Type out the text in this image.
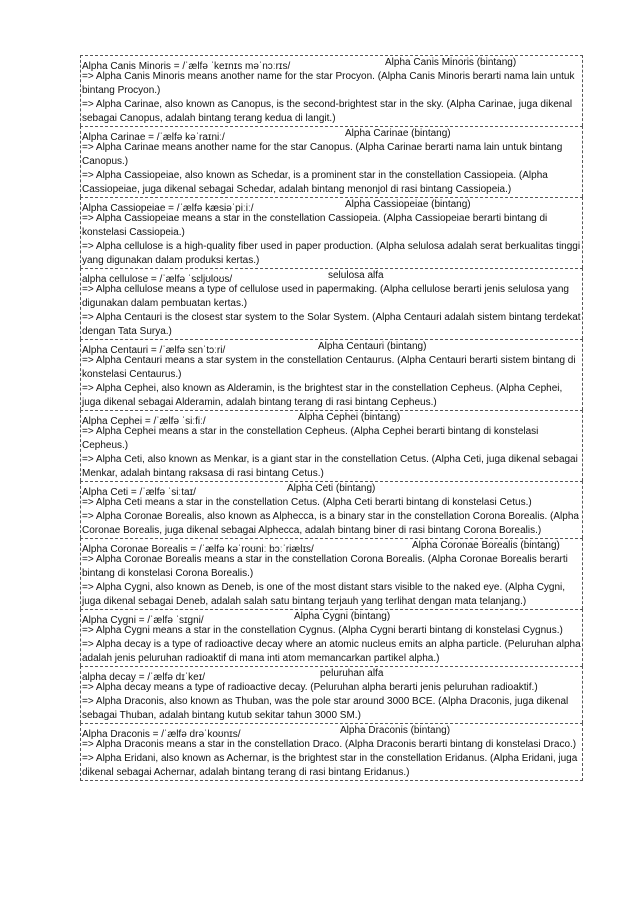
Alpha Canis Minoris = /ˈælfə ˈkeɪnɪs məˈnɔːrɪs/	Alpha Canis Minoris (bintang)
=> Alpha Canis Minoris means another name for the star Procyon. (Alpha Canis Minoris berarti nama lain untuk bintang Procyon.)
=> Alpha Carinae, also known as Canopus, is the second-brightest star in the sky. (Alpha Carinae, juga dikenal sebagai Canopus, adalah bintang terang kedua di langit.)
Alpha Carinae = /ˈælfə kəˈraɪniː/	Alpha Carinae (bintang)
=> Alpha Carinae means another name for the star Canopus. (Alpha Carinae berarti nama lain untuk bintang Canopus.)
=> Alpha Cassiopeiae, also known as Schedar, is a prominent star in the constellation Cassiopeia. (Alpha Cassiopeiae, juga dikenal sebagai Schedar, adalah bintang menonjol di rasi bintang Cassiopeia.)
Alpha Cassiopeiae = /ˈælfə kæsiəˈpiːiː/	Alpha Cassiopeiae (bintang)
=> Alpha Cassiopeiae means a star in the constellation Cassiopeia. (Alpha Cassiopeiae berarti bintang di konstelasi Cassiopeia.)
=> Alpha cellulose is a high-quality fiber used in paper production. (Alpha selulosa adalah serat berkualitas tinggi yang digunakan dalam produksi kertas.)
alpha cellulose = /ˈælfə ˈsɛljʊloʊs/	selulosa alfa
=> Alpha cellulose means a type of cellulose used in papermaking. (Alpha cellulose berarti jenis selulosa yang digunakan dalam pembuatan kertas.)
=> Alpha Centauri is the closest star system to the Solar System. (Alpha Centauri adalah sistem bintang terdekat dengan Tata Surya.)
Alpha Centauri = /ˈælfə sɛnˈtɔːri/	Alpha Centauri (bintang)
=> Alpha Centauri means a star system in the constellation Centaurus. (Alpha Centauri berarti sistem bintang di konstelasi Centaurus.)
=> Alpha Cephei, also known as Alderamin, is the brightest star in the constellation Cepheus. (Alpha Cephei, juga dikenal sebagai Alderamin, adalah bintang terang di rasi bintang Cepheus.)
Alpha Cephei = /ˈælfə ˈsiːfiː/	Alpha Cephei (bintang)
=> Alpha Cephei means a star in the constellation Cepheus. (Alpha Cephei berarti bintang di konstelasi Cepheus.)
=> Alpha Ceti, also known as Menkar, is a giant star in the constellation Cetus. (Alpha Ceti, juga dikenal sebagai Menkar, adalah bintang raksasa di rasi bintang Cetus.)
Alpha Ceti = /ˈælfə ˈsiːtaɪ/	Alpha Ceti (bintang)
=> Alpha Ceti means a star in the constellation Cetus. (Alpha Ceti berarti bintang di konstelasi Cetus.)
=> Alpha Coronae Borealis, also known as Alphecca, is a binary star in the constellation Corona Borealis. (Alpha Coronae Borealis, juga dikenal sebagai Alphecca, adalah bintang biner di rasi bintang Corona Borealis.)
Alpha Coronae Borealis = /ˈælfə kəˈroʊniː bɔːˈriælɪs/	Alpha Coronae Borealis (bintang)
=> Alpha Coronae Borealis means a star in the constellation Corona Borealis. (Alpha Coronae Borealis berarti bintang di konstelasi Corona Borealis.)
=> Alpha Cygni, also known as Deneb, is one of the most distant stars visible to the naked eye. (Alpha Cygni, juga dikenal sebagai Deneb, adalah salah satu bintang terjauh yang terlihat dengan mata telanjang.)
Alpha Cygni = /ˈælfə ˈsɪgni/	Alpha Cygni (bintang)
=> Alpha Cygni means a star in the constellation Cygnus. (Alpha Cygni berarti bintang di konstelasi Cygnus.)
=> Alpha decay is a type of radioactive decay where an atomic nucleus emits an alpha particle. (Peluruhan alpha adalah jenis peluruhan radioaktif di mana inti atom memancarkan partikel alpha.)
alpha decay = /ˈælfə dɪˈkeɪ/	peluruhan alfa
=> Alpha decay means a type of radioactive decay. (Peluruhan alpha berarti jenis peluruhan radioaktif.)
=> Alpha Draconis, also known as Thuban, was the pole star around 3000 BCE. (Alpha Draconis, juga dikenal sebagai Thuban, adalah bintang kutub sekitar tahun 3000 SM.)
Alpha Draconis = /ˈælfə drəˈkoʊnɪs/	Alpha Draconis (bintang)
=> Alpha Draconis means a star in the constellation Draco. (Alpha Draconis berarti bintang di konstelasi Draco.)
=> Alpha Eridani, also known as Achernar, is the brightest star in the constellation Eridanus. (Alpha Eridani, juga dikenal sebagai Achernar, adalah bintang terang di rasi bintang Eridanus.)
